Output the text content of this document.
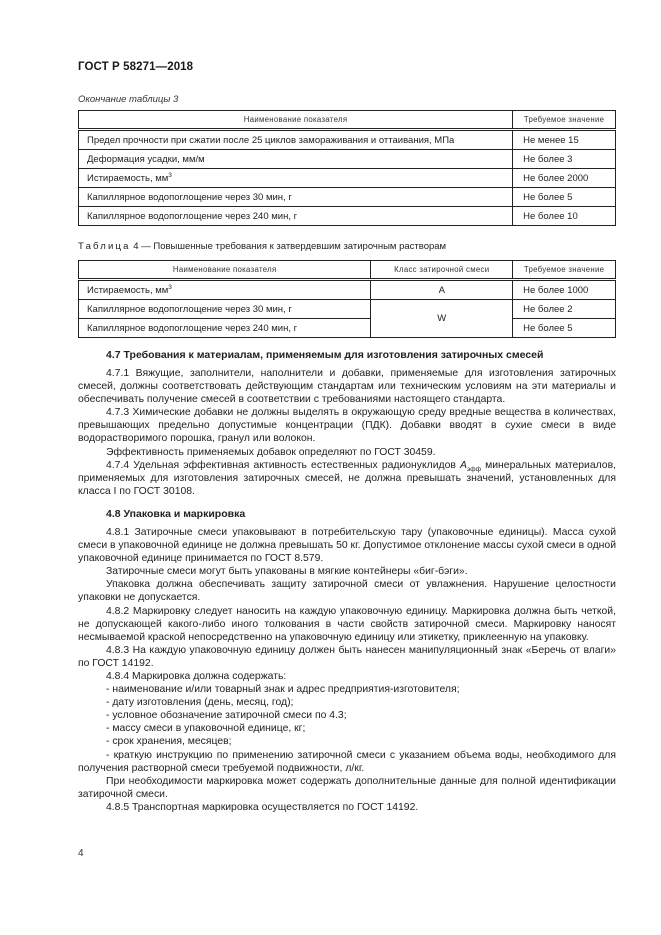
ГОСТ Р 58271—2018
Окончание таблицы 3
Наименование показателя	Требуемое значение
Предел прочности при сжатии после 25 циклов замораживания и оттаивания, МПа	Не менее 15
Деформация усадки, мм/м	Не более 3
Истираемость, $мм^3$	Не более 2000
Капиллярное водопоглощение через 30 мин, г	Не более 5
Капиллярное водопоглощение через 240 мин, г	Не более 10
Таблица 4 — Повышенные требования к затвердевшим затирочным растворам
Наименование показателя	Класс затирочной смеси	Требуемое значение
Истираемость, $мм^3$	A	Не более 1000
Капиллярное водопоглощение через 30 мин, г	W	Не более 2
Капиллярное водопоглощение через 240 мин, г		Не более 5
4.7 Требования к материалам, применяемым для изготовления затирочных смесей

4.7.1 Вяжущие, заполнители, наполнители и добавки, применяемые для изготовления затирочных смесей, должны соответствовать действующим стандартам или техническим условиям на эти материалы и обеспечивать получение смесей в соответствии с требованиями настоящего стандарта.

4.7.3 Химические добавки не должны выделять в окружающую среду вредные вещества в количествах, превышающих предельно допустимые концентрации (ПДК). Добавки вводят в сухие смеси в виде водорастворимого порошка, гранул или волокон.

Эффективность применяемых добавок определяют по ГОСТ 30459.

4.7.4 Удельная эффективная активность естественных радионуклидов $A_{эфф}$ минеральных материалов, применяемых для изготовления затирочных смесей, не должна превышать значений, установленных для класса I по ГОСТ 30108.

4.8 Упаковка и маркировка

4.8.1 Затирочные смеси упаковывают в потребительскую тару (упаковочные единицы). Масса сухой смеси в упаковочной единице не должна превышать 50 кг. Допустимое отклонение массы сухой смеси в одной упаковочной единице принимается по ГОСТ 8.579.

Затирочные смеси могут быть упакованы в мягкие контейнеры «биг-бэги».

Упаковка должна обеспечивать защиту затирочной смеси от увлажнения. Нарушение целостности упаковки не допускается.

4.8.2 Маркировку следует наносить на каждую упаковочную единицу. Маркировка должна быть четкой, не допускающей какого-либо иного толкования в части свойств затирочной смеси. Маркировку наносят несмываемой краской непосредственно на упаковочную единицу или этикетку, приклеенную на упаковку.

4.8.3 На каждую упаковочную единицу должен быть нанесен манипуляционный знак «Беречь от влаги» по ГОСТ 14192.

4.8.4 Маркировка должна содержать:

- наименование и/или товарный знак и адрес предприятия-изготовителя;

- дату изготовления (день, месяц, год);

- условное обозначение затирочной смеси по 4.3;

- массу смеси в упаковочной единице, кг;

- срок хранения, месяцев;

- краткую инструкцию по применению затирочной смеси с указанием объема воды, необходимого для получения растворной смеси требуемой подвижности, л/кг.

При необходимости маркировка может содержать дополнительные данные для полной идентификации затирочной смеси.

4.8.5 Транспортная маркировка осуществляется по ГОСТ 14192.

4
